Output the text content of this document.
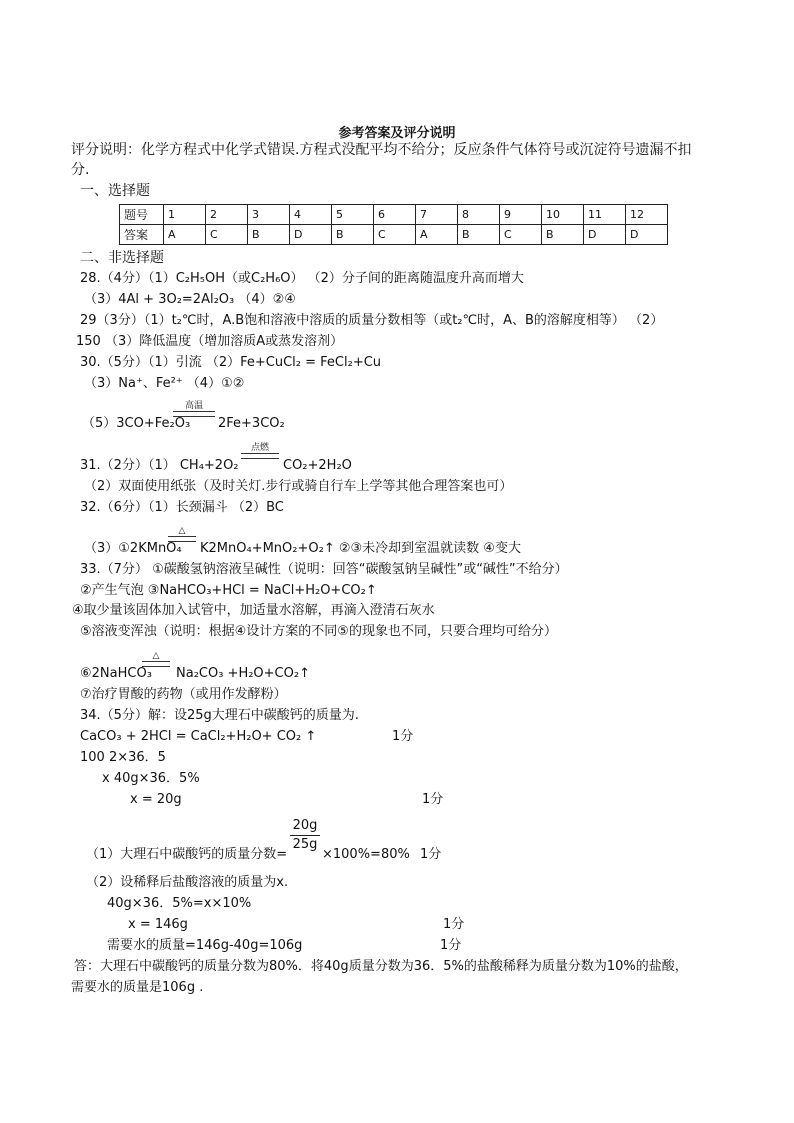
参考答案及评分说明
评分说明：化学方程式中化学式错误.方程式没配平均不给分；反应条件气体符号或沉淀符号遗漏不扣
分.
一、选择题
题号	1	2	3	4	5	6	7	8	9	10	11	12
答案	A	C	B	D	B	C	A	B	C	B	D	D
二、非选择题
28.（4分）（1）C₂H₅OH（或C₂H₆O） （2）分子间的距离随温度升高而增大
（3）4Al + 3O₂=2Al₂O₃ （4）②④
29（3分）（1）t₂℃时，A.B饱和溶液中溶质的质量分数相等（或t₂℃时，A、B的溶解度相等） （2）
150 （3）降低温度（增加溶质A或蒸发溶剂）
30.（5分）（1）引流 （2）Fe+CuCl₂ = FeCl₂+Cu
（3）Na⁺、Fe²⁺ （4）①②
高温
（5）3CO+Fe₂O₃ 2Fe+3CO₂
点燃
31.（2分）（1） CH₄+2O₂	CO₂+2H₂O
（2）双面使用纸张（及时关灯.步行或骑自行车上学等其他合理答案也可）
32.（6分）（1）长颈漏斗 （2）BC
△
（3）①2KMnO₄ K2MnO₄+MnO₂+O₂↑ ②③未冷却到室温就读数 ④变大
33.（7分） ①碳酸氢钠溶液呈碱性（说明：回答“碳酸氢钠呈碱性”或“碱性”不给分）
②产生气泡 ③NaHCO₃+HCl = NaCl+H₂O+CO₂↑
④取少量该固体加入试管中，加适量水溶解，再滴入澄清石灰水
⑤溶液变浑浊（说明：根据④设计方案的不同⑤的现象也不同，只要合理均可给分）
△
⑥2NaHCO₃ Na₂CO₃ +H₂O+CO₂↑
⑦治疗胃酸的药物（或用作发酵粉）
34.（5分）解：设25g大理石中碳酸钙的质量为.
CaCO₃ + 2HCl = CaCl₂+H₂O+ CO₂ ↑	1分
100 2×36．5
x 40g×36．5%
x = 20g	1分
20g
25g
（1）大理石中碳酸钙的质量分数=	×100%=80% 1分
（2）设稀释后盐酸溶液的质量为x.
40g×36．5%=x×10%
x = 146g	1分
需要水的质量=146g-40g=106g	1分
答：大理石中碳酸钙的质量分数为80%．将40g质量分数为36．5%的盐酸稀释为质量分数为10%的盐酸，
需要水的质量是106g .
